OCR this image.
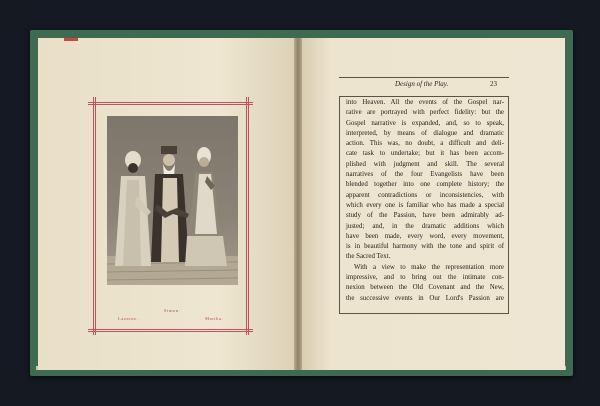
Lazarus.
Simon.
Martha.
Design of the Play.	23
into Heaven. All the events of the Gospel nar-
rative are portrayed with perfect fidelity: but the
Gospel narrative is expanded, and, so to speak,
interpreted, by means of dialogue and dramatic
action. This was, no doubt, a difficult and deli-
cate task to undertake; but it has been accom-
plished with judgment and skill. The several
narratives of the four Evangelists have been
blended together into one complete history; the
apparent contradictions or inconsistencies, with
which every one is familiar who has made a special
study of the Passion, have been admirably ad-
justed; and, in the dramatic additions which
have been made, every word, every movement,
is in beautiful harmony with the tone and spirit of
the Sacred Text.
With a view to make the representation more
impressive, and to bring out the intimate con-
nexion between the Old Covenant and the New,
the successive events in Our Lord's Passion are
